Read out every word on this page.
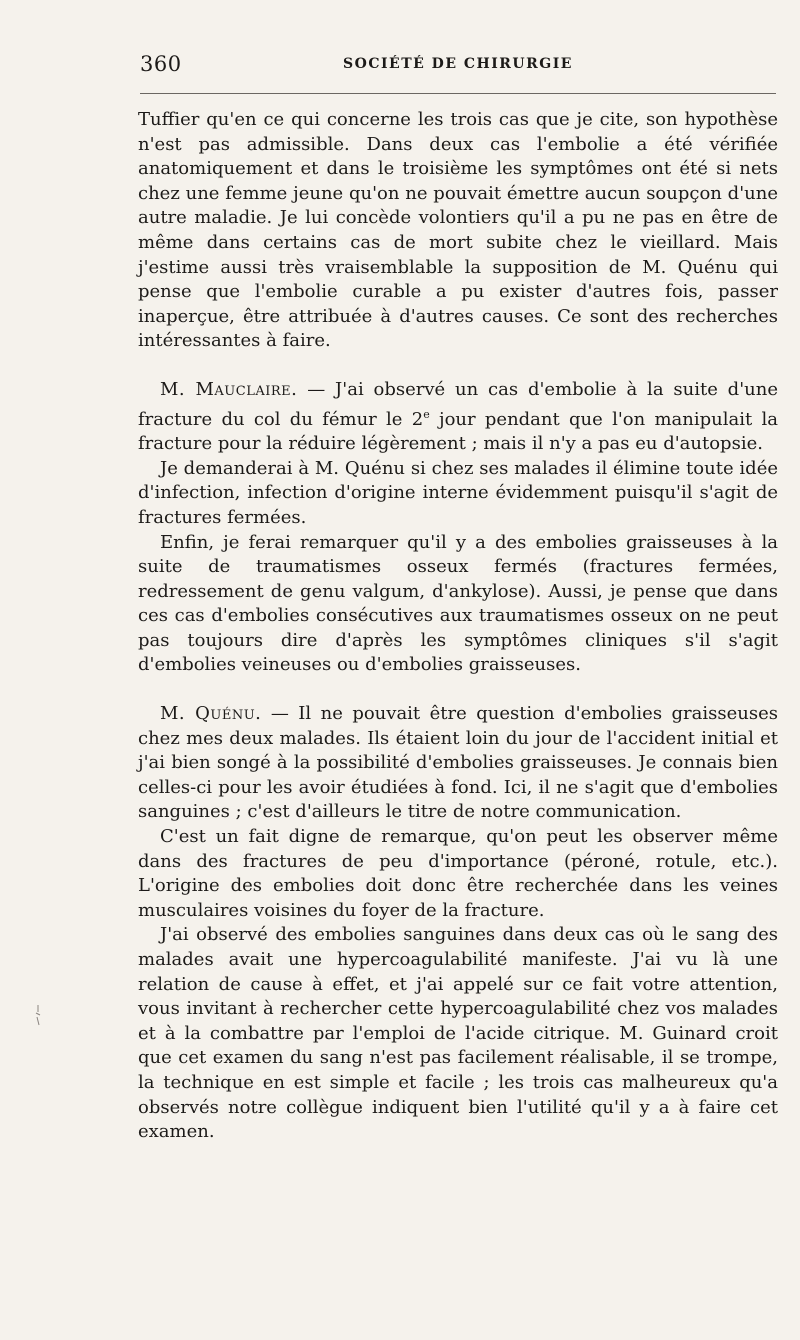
360	SOCIÉTÉ DE CHIRURGIE

Tuffier qu'en ce qui concerne les trois cas que je cite, son hypothèse n'est pas admissible. Dans deux cas l'embolie a été vérifiée anatomiquement et dans le troisième les symptômes ont été si nets chez une femme jeune qu'on ne pouvait émettre aucun soupçon d'une autre maladie. Je lui concède volontiers qu'il a pu ne pas en être de même dans certains cas de mort subite chez le vieillard. Mais j'estime aussi très vraisemblable la supposition de M. Quénu qui pense que l'embolie curable a pu exister d'autres fois, passer inaperçue, être attribuée à d'autres causes. Ce sont des recherches intéressantes à faire.

M. Mauclaire. — J'ai observé un cas d'embolie à la suite d'une fracture du col du fémur le 2e jour pendant que l'on manipulait la fracture pour la réduire légèrement ; mais il n'y a pas eu d'autopsie.

Je demanderai à M. Quénu si chez ses malades il élimine toute idée d'infection, infection d'origine interne évidemment puisqu'il s'agit de fractures fermées.

Enfin, je ferai remarquer qu'il y a des embolies graisseuses à la suite de traumatismes osseux fermés (fractures fermées, redressement de genu valgum, d'ankylose). Aussi, je pense que dans ces cas d'embolies consécutives aux traumatismes osseux on ne peut pas toujours dire d'après les symptômes cliniques s'il s'agit d'embolies veineuses ou d'embolies graisseuses.

M. Quénu. — Il ne pouvait être question d'embolies graisseuses chez mes deux malades. Ils étaient loin du jour de l'accident initial et j'ai bien songé à la possibilité d'embolies graisseuses. Je connais bien celles-ci pour les avoir étudiées à fond. Ici, il ne s'agit que d'embolies sanguines ; c'est d'ailleurs le titre de notre communication.

C'est un fait digne de remarque, qu'on peut les observer même dans des fractures de peu d'importance (péroné, rotule, etc.). L'origine des embolies doit donc être recherchée dans les veines musculaires voisines du foyer de la fracture.

J'ai observé des embolies sanguines dans deux cas où le sang des malades avait une hypercoagulabilité manifeste. J'ai vu là une relation de cause à effet, et j'ai appelé sur ce fait votre attention, vous invitant à rechercher cette hypercoagulabilité chez vos malades et à la combattre par l'emploi de l'acide citrique. M. Guinard croit que cet examen du sang n'est pas facilement réalisable, il se trompe, la technique en est simple et facile ; les trois cas malheureux qu'a observés notre collègue indiquent bien l'utilité qu'il y a à faire cet examen.
